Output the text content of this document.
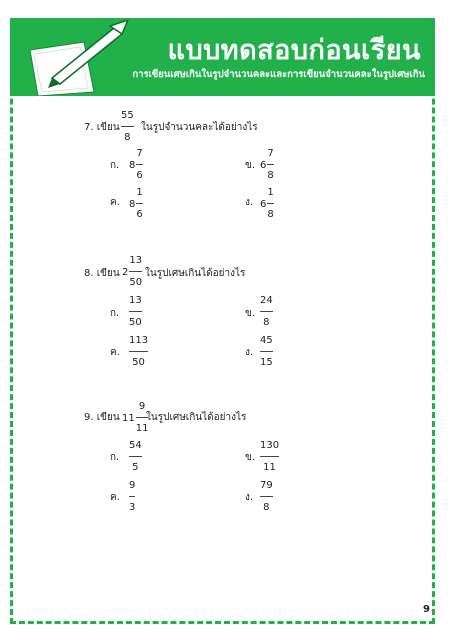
แบบทดสอบก่อนเรียน
การเขียนเศษเกินในรูปจำนวนคละและการเขียนจำนวนคละในรูปเศษเกิน
7. เขียน
55
8
ในรูปจำนวนคละได้อย่างไร
ก. $8 \frac{7}{6}$	ข. $6 \frac{7}{8}$
ค. $8 \frac{1}{6}$	ง. $6 \frac{1}{8}$
8. เขียน $2 \frac{13}{50}$ ในรูปเศษเกินได้อย่างไร
ก.
13
50
ข.
24
8
ค.
113
50
ง.
45
15
9. เขียน $11 \frac{9}{11}$
ในรูปเศษเกินได้อย่างไร
ก.
54
5
ข.
130
11
ค.
9
3
ง.
79
8
9
